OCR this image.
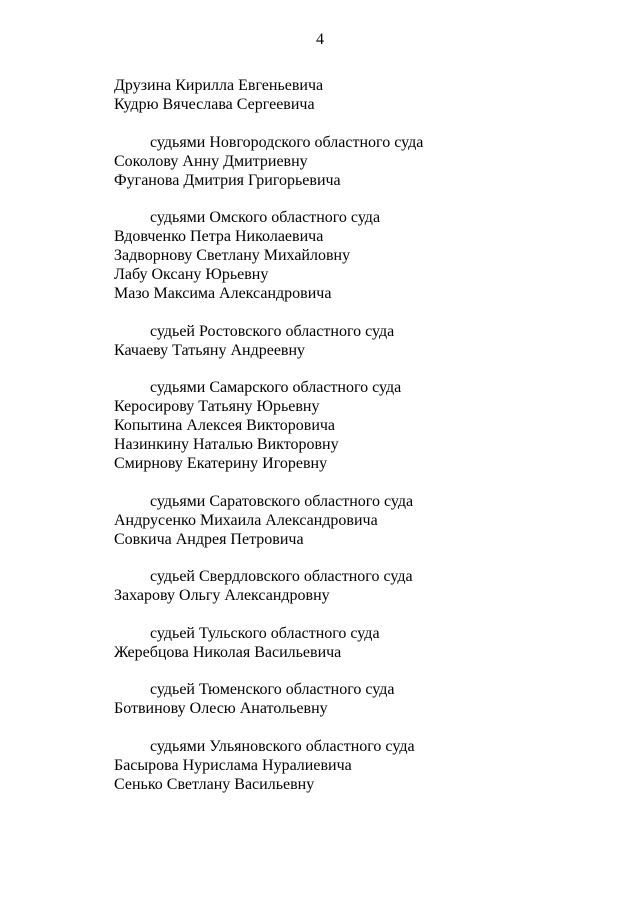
4
Друзина Кирилла Евгеньевича
Кудрю Вячеслава Сергеевича
судьями Новгородского областного суда
Соколову Анну Дмитриевну
Фуганова Дмитрия Григорьевича
судьями Омского областного суда
Вдовченко Петра Николаевича
Задворнову Светлану Михайловну
Лабу Оксану Юрьевну
Мазо Максима Александровича
судьей Ростовского областного суда
Качаеву Татьяну Андреевну
судьями Самарского областного суда
Керосирову Татьяну Юрьевну
Копытина Алексея Викторовича
Назинкину Наталью Викторовну
Смирнову Екатерину Игоревну
судьями Саратовского областного суда
Андрусенко Михаила Александровича
Совкича Андрея Петровича
судьей Свердловского областного суда
Захарову Ольгу Александровну
судьей Тульского областного суда
Жеребцова Николая Васильевича
судьей Тюменского областного суда
Ботвинову Олесю Анатольевну
судьями Ульяновского областного суда
Басырова Нурислама Нуралиевича
Сенько Светлану Васильевну
